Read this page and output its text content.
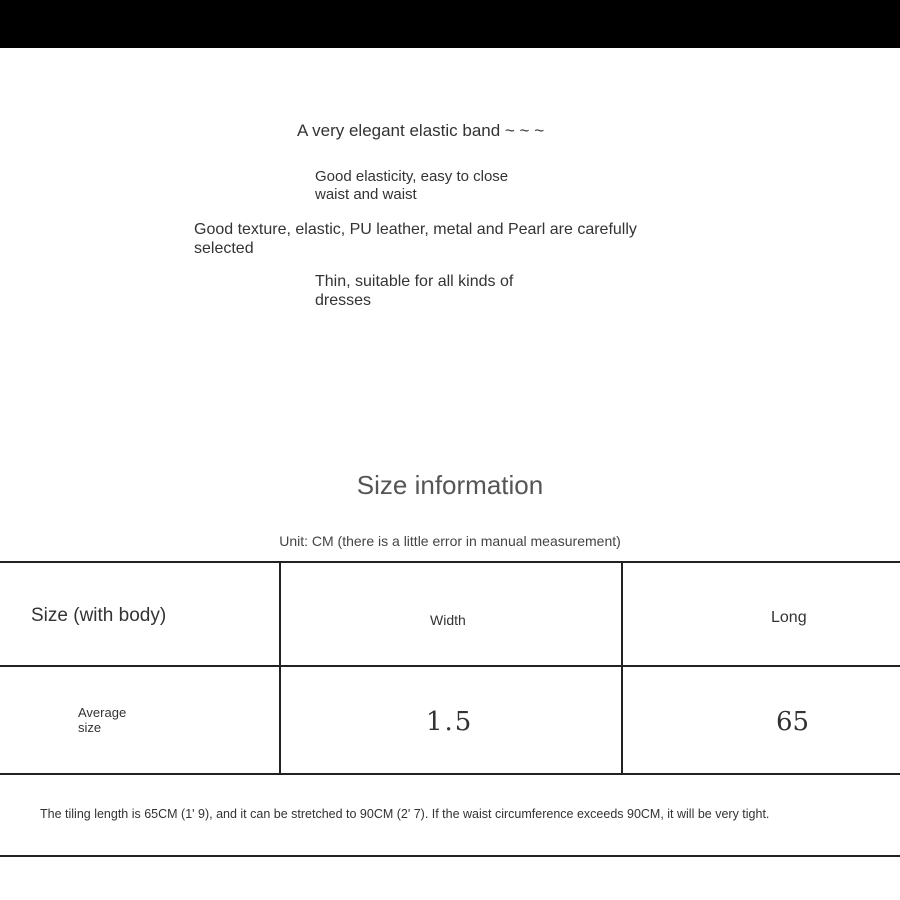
A very elegant elastic band ~ ~ ~

Good elasticity, easy to close
waist and waist
Good texture, elastic, PU leather, metal and Pearl are carefully
selected
Thin, suitable for all kinds of
dresses

Size information

Unit: CM (there is a little error in manual measurement)

Size (with body)	Width	Long
Average
size	1.5	65
The tiling length is 65CM (1' 9), and it can be stretched to 90CM (2' 7). If the waist circumference exceeds 90CM, it will be very tight.
